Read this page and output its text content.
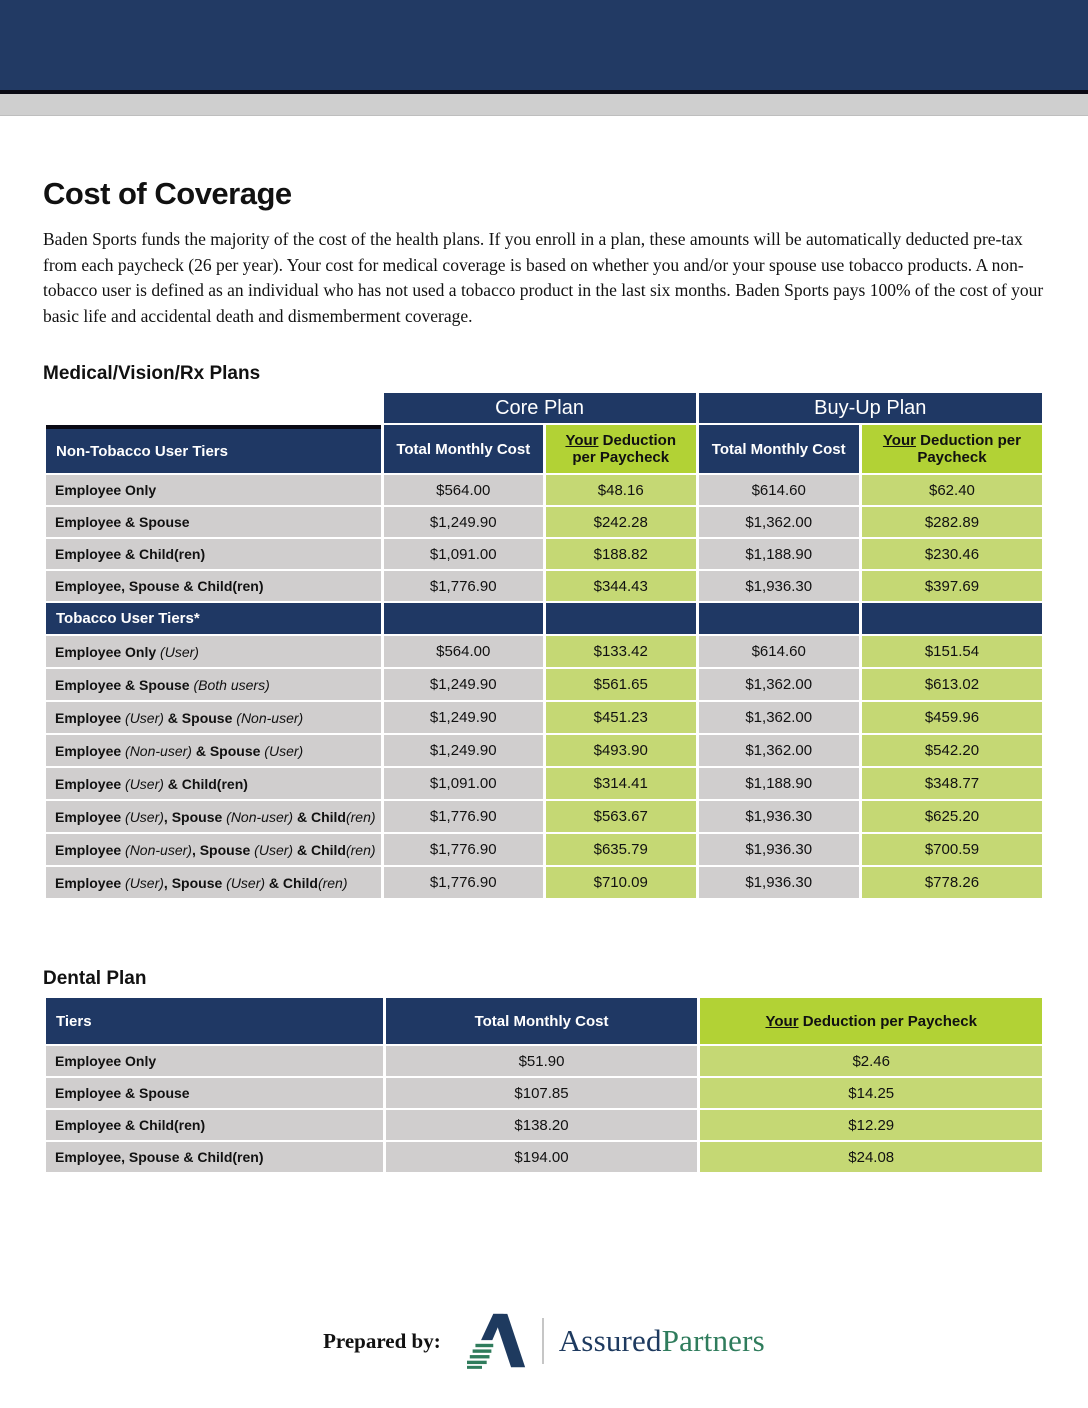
Cost of Coverage

Baden Sports funds the majority of the cost of the health plans. If you enroll in a plan, these amounts will be automatically deducted pre-tax from each paycheck (26 per year). Your cost for medical coverage is based on whether you and/or your spouse use tobacco products. A non-tobacco user is defined as an individual who has not used a tobacco product in the last six months. Baden Sports pays 100% of the cost of your basic life and accidental death and dismemberment coverage.

Medical/Vision/Rx Plans
	Core Plan		Buy-Up Plan	
Non-Tobacco User Tiers	Total Monthly Cost	Your Deduction per Paycheck	Total Monthly Cost	Your Deduction per Paycheck
Employee Only	$564.00	$48.16	$614.60	$62.40
Employee & Spouse	$1,249.90	$242.28	$1,362.00	$282.89
Employee & Child(ren)	$1,091.00	$188.82	$1,188.90	$230.46
Employee, Spouse & Child(ren)	$1,776.90	$344.43	$1,936.30	$397.69
Tobacco User Tiers*				
Employee Only (User)	$564.00	$133.42	$614.60	$151.54
Employee & Spouse (Both users)	$1,249.90	$561.65	$1,362.00	$613.02
Employee (User) & Spouse (Non-user)	$1,249.90	$451.23	$1,362.00	$459.96
Employee (Non-user) & Spouse (User)	$1,249.90	$493.90	$1,362.00	$542.20
Employee (User) & Child(ren)	$1,091.00	$314.41	$1,188.90	$348.77
Employee (User), Spouse (Non-user) & Child(ren)	$1,776.90	$563.67	$1,936.30	$625.20
Employee (Non-user), Spouse (User) & Child(ren)	$1,776.90	$635.79	$1,936.30	$700.59
Employee (User), Spouse (User) & Child(ren)	$1,776.90	$710.09	$1,936.30	$778.26
Dental Plan
Tiers	Total Monthly Cost	Your Deduction per Paycheck
Employee Only	$51.90	$2.46
Employee & Spouse	$107.85	$14.25
Employee & Child(ren)	$138.20	$12.29
Employee, Spouse & Child(ren)	$194.00	$24.08
Prepared by:	AssuredPartners
